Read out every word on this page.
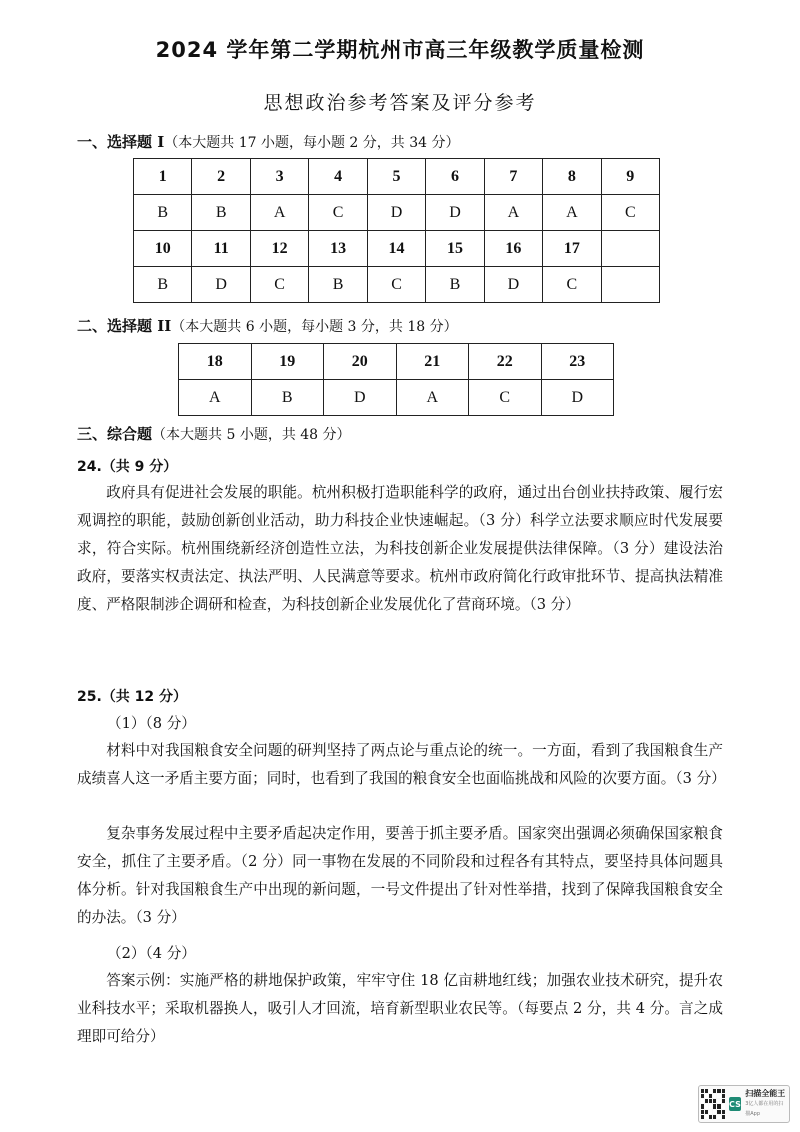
2024 学年第二学期杭州市高三年级教学质量检测
思想政治参考答案及评分参考
一、选择题 I（本大题共 17 小题，每小题 2 分，共 34 分）
1	2	3	4	5	6	7	8	9
B	B	A	C	D	D	A	A	C
10	11	12	13	14	15	16	17	
B	D	C	B	C	B	D	C	
二、选择题 II（本大题共 6 小题，每小题 3 分，共 18 分）
18	19	20	21	22	23
A	B	D	A	C	D
三、综合题（本大题共 5 小题，共 48 分）
24.（共 9 分）

政府具有促进社会发展的职能。杭州积极打造职能科学的政府，通过出台创业扶持政策、履行宏观调控的职能，鼓励创新创业活动，助力科技企业快速崛起。（3 分）科学立法要求顺应时代发展要求，符合实际。杭州围绕新经济创造性立法，为科技创新企业发展提供法律保障。（3 分）建设法治政府，要落实权责法定、执法严明、人民满意等要求。杭州市政府简化行政审批环节、提高执法精准度、严格限制涉企调研和检查，为科技创新企业发展优化了营商环境。（3 分）

25.（共 12 分）
（1）（8 分）

材料中对我国粮食安全问题的研判坚持了两点论与重点论的统一。一方面，看到了我国粮食生产成绩喜人这一矛盾主要方面；同时，也看到了我国的粮食安全也面临挑战和风险的次要方面。（3 分）

复杂事务发展过程中主要矛盾起决定作用，要善于抓主要矛盾。国家突出强调必须确保国家粮食安全，抓住了主要矛盾。（2 分）同一事物在发展的不同阶段和过程各有其特点，要坚持具体问题具体分析。针对我国粮食生产中出现的新问题，一号文件提出了针对性举措，找到了保障我国粮食安全的办法。（3 分）

（2）（4 分）

答案示例：实施严格的耕地保护政策，牢牢守住 18 亿亩耕地红线；加强农业技术研究，提升农业科技水平；采取机器换人，吸引人才回流，培育新型职业农民等。（每要点 2 分，共 4 分。言之成理即可给分）

CS
扫描全能王
3亿人都在用的扫描App
